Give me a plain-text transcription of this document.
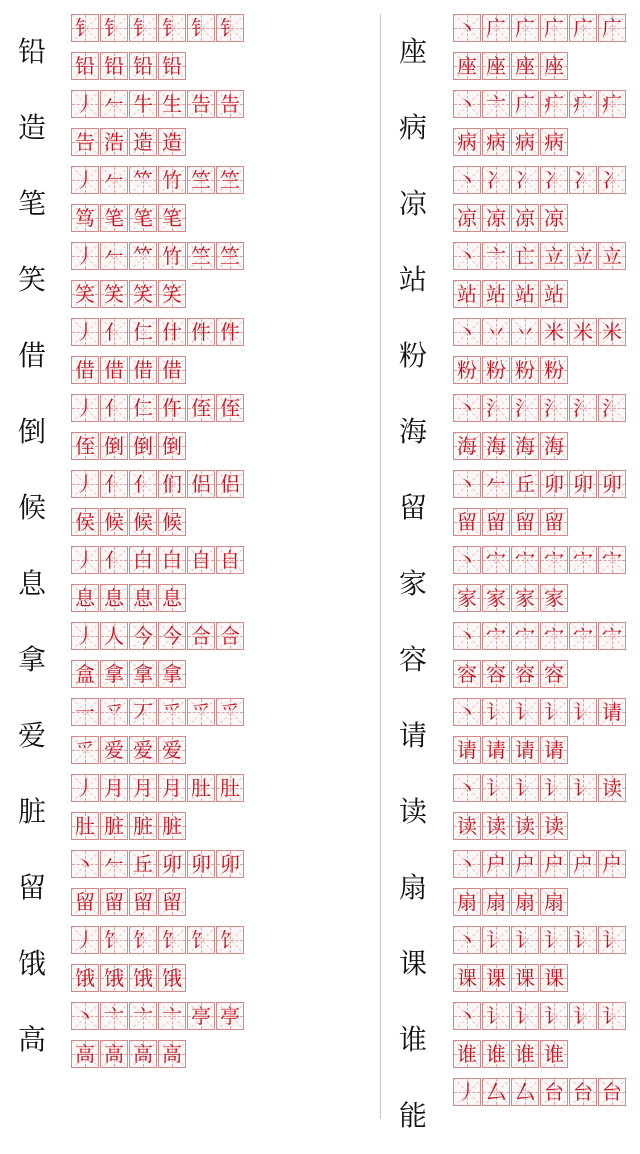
铅
钅 钅 钅 钅 钅 钅
铅 铅 铅 铅
造
丿 𠂉 牛 生 告 告
告 浩 造 造
笔
丿 𠂉 𥫗 竹 竺 竺
笃 笔 笔 笔
笑
丿 𠂉 𥫗 竹 竺 竺
笑 笑 笑 笑
借
丿 亻 仁 什 件 件
借 借 借 借
倒
丿 亻 仁 仵 侄 侄
侄 倒 倒 倒
候
丿 亻 亻 们 侣 侣
侯 候 候 候
息
丿 亻 白 白 自 自
息 息 息 息
拿
丿 人 今 今 合 合
盒 拿 拿 拿
爱
一 乊 丆 爫 爫 爫
爫 爱 爱 爱
脏
丿 月 月 月 肚 肚
肚 脏 脏 脏
留
丶 𠂉 丘 卯 卯 卯
留 留 留 留
饿
丿 饣 饣 饣 饣 饣
饿 饿 饿 饿
高
丶 亠 亠 亠 亭 亭
高 高 高 高
座
丶 广 广 广 广 广
座 座 座 座
病
丶 亠 广 疒 疒 疒
病 病 病 病
凉
丶 冫 冫 冫 冫 冫
凉 凉 凉 凉
站
丶 亠 亡 立 立 立
站 站 站 站
粉
丶 丷 丷 米 米 米
粉 粉 粉 粉
海
丶 氵 氵 氵 氵 氵
海 海 海 海
留
丶 𠂉 丘 卯 卯 卯
留 留 留 留
家
丶 宀 宀 宀 宀 宀
家 家 家 家
容
丶 宀 宀 宀 宀 宀
容 容 容 容
请
丶 讠 讠 讠 讠 请
请 请 请 请
读
丶 讠 讠 讠 讠 读
读 读 读 读
扇
丶 户 户 户 户 户
扇 扇 扇 扇
课
丶 讠 讠 讠 讠 讠
课 课 课 课
谁
丶 讠 讠 讠 讠 讠
谁 谁 谁 谁
能
丿 厶 厶 台 台 台
